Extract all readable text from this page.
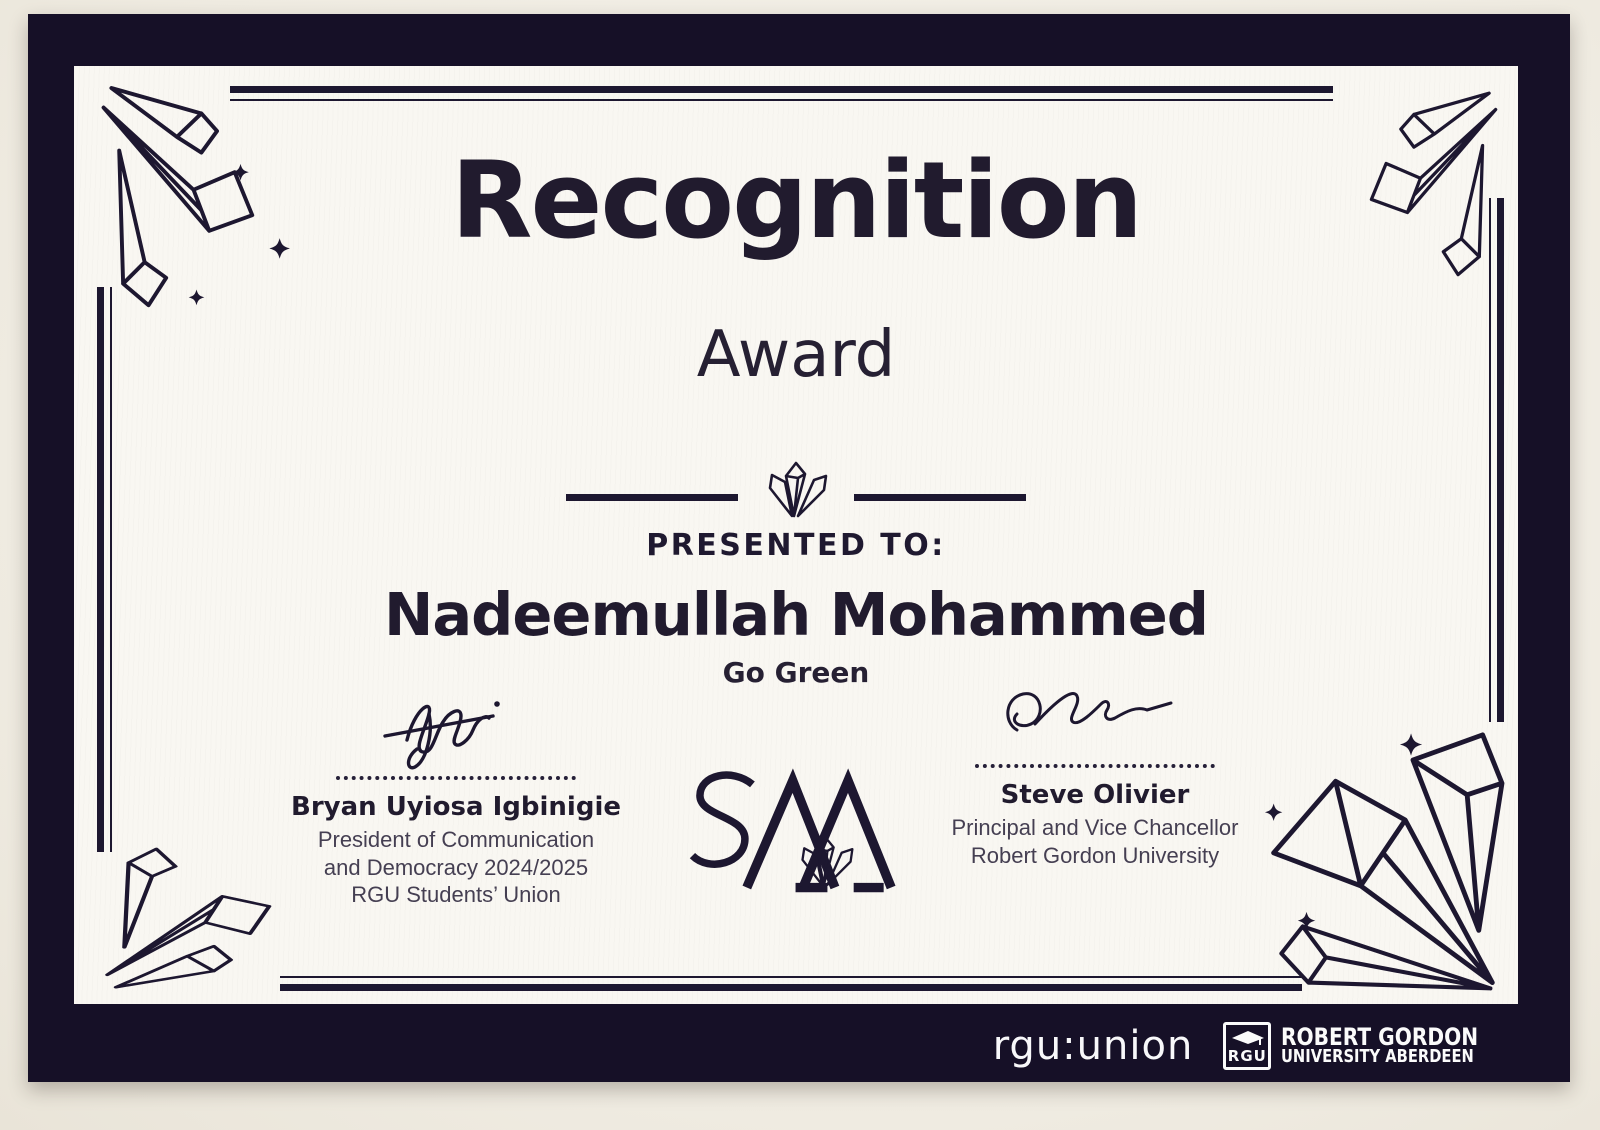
Recognition
Award
PRESENTED TO:
Nadeemullah Mohammed
Go Green
Bryan Uyiosa Igbinigie
President of Communication
and Democracy 2024/2025
RGU Students’ Union
Steve Olivier
Principal and Vice Chancellor
Robert Gordon University
rgu:union RGU
ROBERT GORDON
UNIVERSITY ABERDEEN
